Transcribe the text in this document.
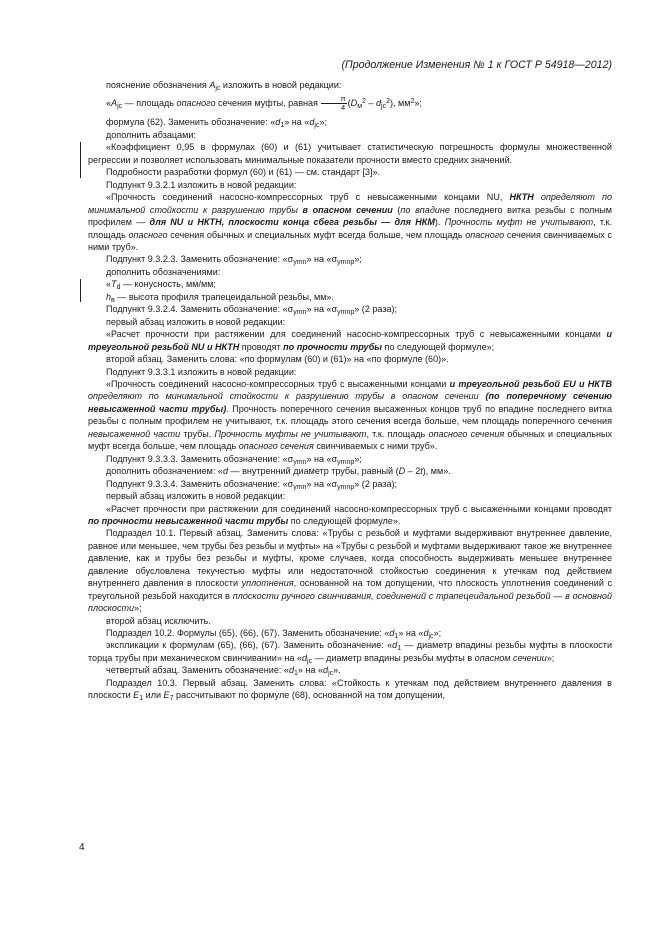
(Продолжение Изменения № 1 к ГОСТ Р 54918—2012)

пояснение обозначения $A_{jc}$ изложить в новой редакции:

«$A_{jc}$ — площадь опасного сечения муфты, равная $\frac{\pi}{4} (D_м^2 - d_{jc}^2)$, $мм^2$»;

формула (62). Заменить обозначение: «$d_1$» на «$d_{jc}$»;

дополнить абзацами:

«Коэффициент 0,95 в формулах (60) и (61) учитывает статистическую погрешность формулы множественной регрессии и позволяет использовать минимальные показатели прочности вместо средних значений.

Подробности разработки формул (60) и (61) — см. стандарт [3]».

Подпункт 9.3.2.1 изложить в новой редакции:

«Прочность соединений насосно-компрессорных труб с невысаженными концами NU, НКТН определяют по минимальной стойкости к разрушению трубы в опасном сечении (по впадине последнего витка резьбы с полным профилем — для NU и НКТН, плоскости конца сбега резьбы — для НКМ). Прочность муфт не учитывают, т.к. площадь опасного сечения обычных и специальных муфт всегда больше, чем площадь опасного сечения свинчиваемых с ними труб».

Подпункт 9.3.2.3. Заменить обозначение: «$\sigma_{ymn}$» на «$\sigma_{ymnp}$»;

дополнить обозначениями:

«$T_d$ — конусность, мм/мм;

$h_в$ — высота профиля трапецеидальной резьбы, мм».

Подпункт 9.3.2.4. Заменить обозначение: «$\sigma_{ymn}$» на «$\sigma_{ymnp}$» (2 раза);

первый абзац изложить в новой редакции:

«Расчет прочности при растяжении для соединений насосно-компрессорных труб с невысаженными концами и треугольной резьбой NU и НКТН проводят по прочности трубы по следующей формуле»;

второй абзац. Заменить слова: «по формулам (60) и (61)» на «по формуле (60)».

Подпункт 9.3.3.1 изложить в новой редакции:

«Прочность соединений насосно-компрессорных труб с высаженными концами и треугольной резьбой EU и НКТВ определяют по минимальной стойкости к разрушению трубы в опасном сечении (по поперечному сечению невысаженной части трубы). Прочность поперечного сечения высаженных концов труб по впадине последнего витка резьбы с полным профилем не учитывают, т.к. площадь этого сечения всегда больше, чем площадь поперечного сечения невысаженной части трубы. Прочность муфты не учитывают, т.к. площадь опасного сечения обычных и специальных муфт всегда больше, чем площадь опасного сечения свинчиваемых с ними труб».

Подпункт 9.3.3.3. Заменить обозначение: «$\sigma_{ymn}$» на «$\sigma_{ymnp}$»;

дополнить обозначением: «d — внутренний диаметр трубы, равный (D – 2t), мм».

Подпункт 9.3.3.4. Заменить обозначение: «$\sigma_{ymn}$» на «$\sigma_{ymnp}$» (2 раза);

первый абзац изложить в новой редакции:

«Расчет прочности при растяжении для соединений насосно-компрессорных труб с высаженными концами проводят по прочности невысаженной части трубы по следующей формуле».

Подраздел 10.1. Первый абзац. Заменить слова: «Трубы с резьбой и муфтами выдерживают внутреннее давление, равное или меньшее, чем трубы без резьбы и муфты» на «Трубы с резьбой и муфтами выдерживают такое же внутреннее давление, как и трубы без резьбы и муфты, кроме случаев, когда способность выдерживать меньшее внутреннее давление обусловлена текучестью муфты или недостаточной стойкостью соединения к утечкам под действием внутреннего давления в плоскости уплотнения, основанной на том допущении, что плоскость уплотнения соединений с треугольной резьбой находится в плоскости ручного свинчивания, соединений с трапецеидальной резьбой — в основной плоскости»;

второй абзац исключить.

Подраздел 10.2. Формулы (65), (66), (67). Заменить обозначение: «$d_1$» на «$d_{jc}$»;

экспликации к формулам (65), (66), (67). Заменить обозначение: «$d_1$ — диаметр впадины резьбы муфты в плоскости торца трубы при механическом свинчивании» на «$d_{jc}$ — диаметр впадины резьбы муфты в опасном сечении»;

четвертый абзац. Заменить обозначение: «$d_1$» на «$d_{jc}$».

Подраздел 10.3. Первый абзац. Заменить слова: «Стойкость к утечкам под действием внутреннего давления в плоскости $E_1$ или $E_7$ рассчитывают по формуле (68), основанной на том допущении,

4
